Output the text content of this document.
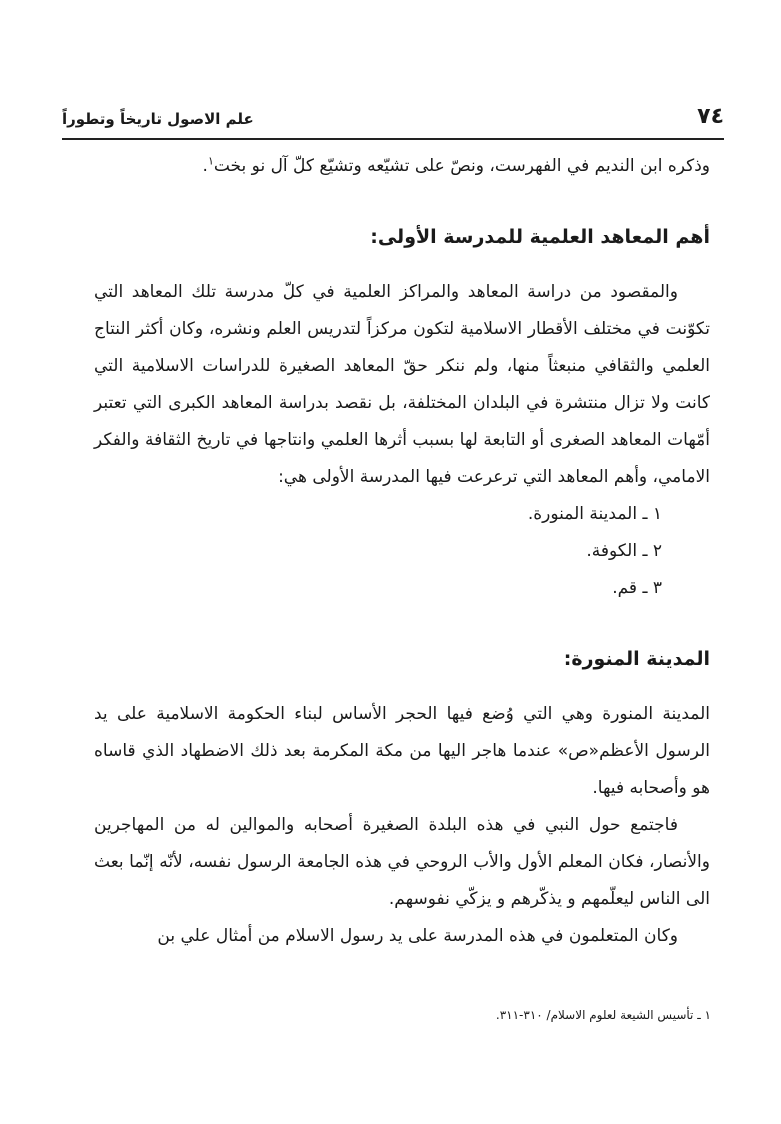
٧٤
علم الاصول تاريخاً وتطوراً

وذكره ابن النديم في الفهرست، ونصّ على تشيّعه وتشيّع كلّ آل نو بخت$^١$.

أهم المعاهد العلمية للمدرسة الأولى:

والمقصود من دراسة المعاهد والمراكز العلمية في كلّ مدرسة تلك المعاهد التي تكوّنت في مختلف الأقطار الاسلامية لتكون مركزاً لتدريس العلم ونشره، وكان أكثر النتاج العلمي والثقافي منبعثاً منها، ولم ننكر حقّ المعاهد الصغيرة للدراسات الاسلامية التي كانت ولا تزال منتشرة في البلدان المختلفة، بل نقصد بدراسة المعاهد الكبرى التي تعتبر أمّهات المعاهد الصغرى أو التابعة لها بسبب أثرها العلمي وانتاجها في تاريخ الثقافة والفكر الامامي، وأهم المعاهد التي ترعرعت فيها المدرسة الأولى هي:

١ ـ المدينة المنورة.

٢ ـ الكوفة.

٣ ـ قم.

المدينة المنورة:

المدينة المنورة وهي التي وُضع فيها الحجر الأساس لبناء الحكومة الاسلامية على يد الرسول الأعظم«ص» عندما هاجر اليها من مكة المكرمة بعد ذلك الاضطهاد الذي قاساه هو وأصحابه فيها.

فاجتمع حول النبي في هذه البلدة الصغيرة أصحابه والموالين له من المهاجرين والأنصار، فكان المعلم الأول والأب الروحي في هذه الجامعة الرسول نفسه، لأنّه إنّما بعث الى الناس ليعلّمهم و يذكّرهم و يزكّي نفوسهم.

وكان المتعلمون في هذه المدرسة على يد رسول الاسلام من أمثال علي بن

١ ـ تأسيس الشيعة لعلوم الاسلام/ ٣١٠-٣١١.
